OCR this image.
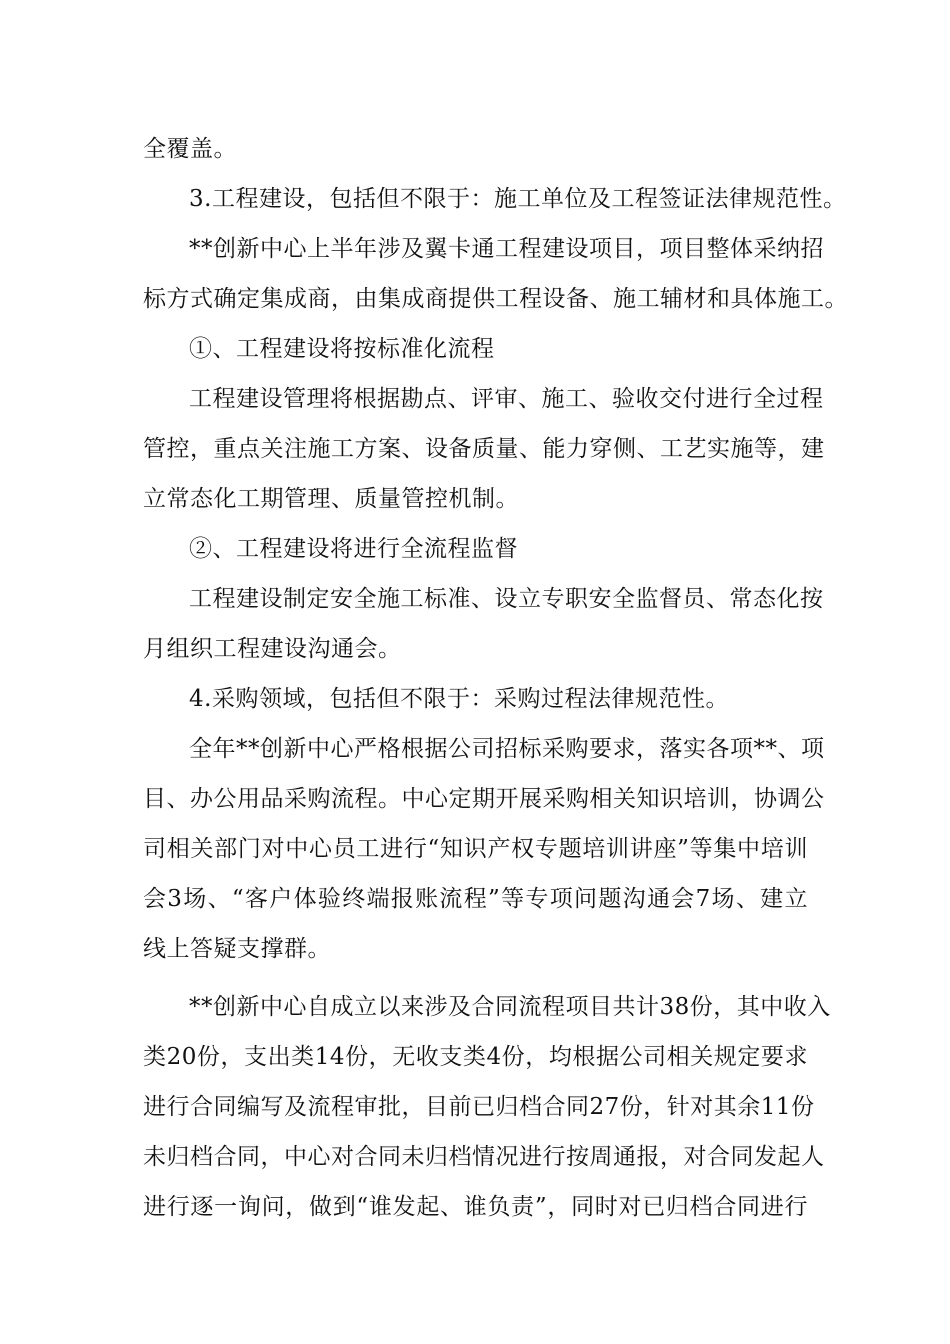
全覆盖。
3.工程建设，包括但不限于：施工单位及工程签证法律规范性。
**创新中心上半年涉及翼卡通工程建设项目，项目整体采纳招
标方式确定集成商，由集成商提供工程设备、施工辅材和具体施工。
①、工程建设将按标准化流程
工程建设管理将根据勘点、评审、施工、验收交付进行全过程
管控，重点关注施工方案、设备质量、能力穿侧、工艺实施等，建
立常态化工期管理、质量管控机制。
②、工程建设将进行全流程监督
工程建设制定安全施工标准、设立专职安全监督员、常态化按
月组织工程建设沟通会。
4.采购领域，包括但不限于：采购过程法律规范性。
全年**创新中心严格根据公司招标采购要求，落实各项**、项
目、办公用品采购流程。中心定期开展采购相关知识培训，协调公
司相关部门对中心员工进行“知识产权专题培训讲座”等集中培训
会3场、“客户体验终端报账流程”等专项问题沟通会7场、建立
线上答疑支撑群。
**创新中心自成立以来涉及合同流程项目共计38份，其中收入
类20份，支出类14份，无收支类4份，均根据公司相关规定要求
进行合同编写及流程审批，目前已归档合同27份，针对其余11份
未归档合同，中心对合同未归档情况进行按周通报，对合同发起人
进行逐一询问，做到“谁发起、谁负责”，同时对已归档合同进行
